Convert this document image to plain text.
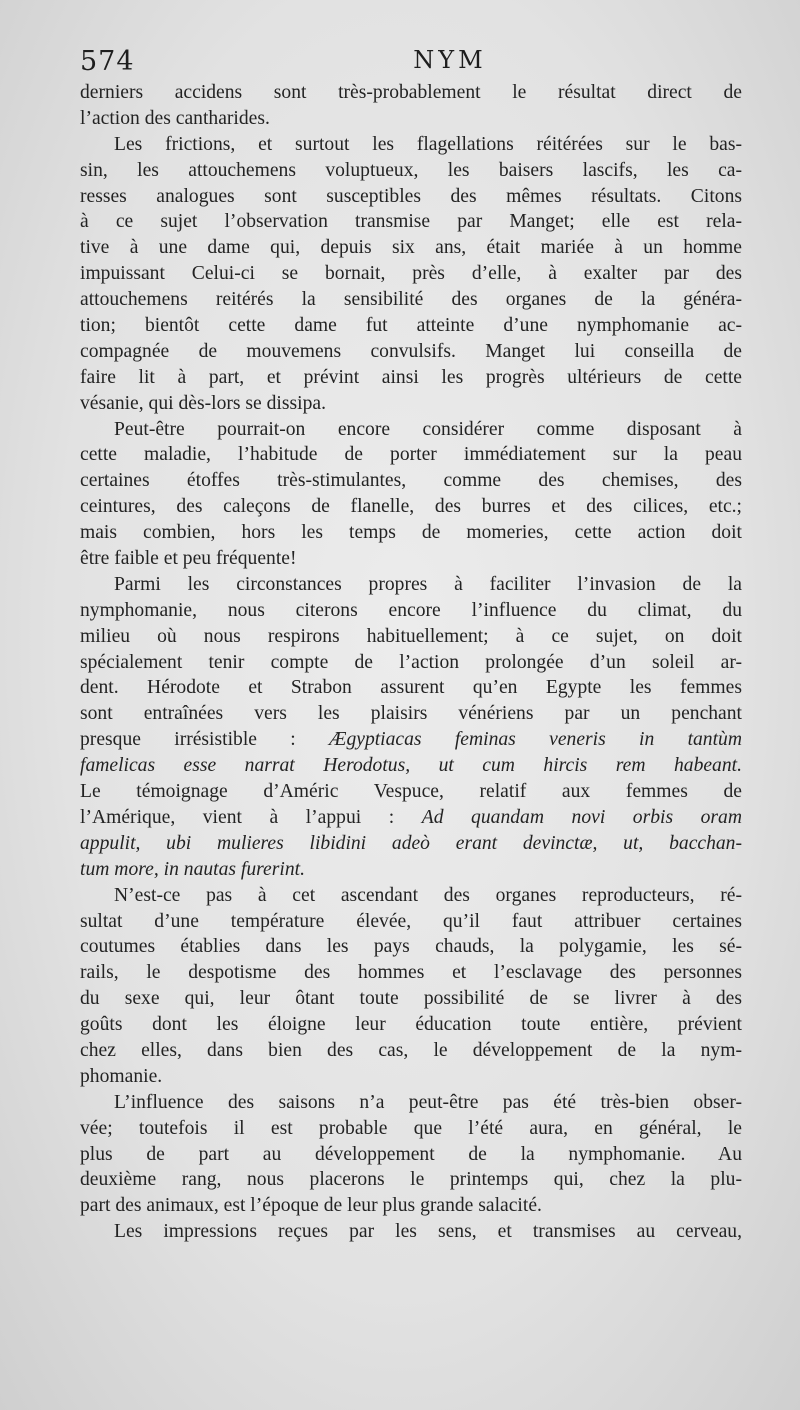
574	NYM
derniers accidens sont très-probablement le résultat direct de
l’action des cantharides.
Les frictions, et surtout les flagellations réitérées sur le bas-
sin, les attouchemens voluptueux, les baisers lascifs, les ca-
resses analogues sont susceptibles des mêmes résultats. Citons
à ce sujet l’observation transmise par Manget; elle est rela-
tive à une dame qui, depuis six ans, était mariée à un homme
impuissant Celui-ci se bornait, près d’elle, à exalter par des
attouchemens reitérés la sensibilité des organes de la généra-
tion; bientôt cette dame fut atteinte d’une nymphomanie ac-
compagnée de mouvemens convulsifs. Manget lui conseilla de
faire lit à part, et prévint ainsi les progrès ultérieurs de cette
vésanie, qui dès-lors se dissipa.
Peut-être pourrait-on encore considérer comme disposant à
cette maladie, l’habitude de porter immédiatement sur la peau
certaines étoffes très-stimulantes, comme des chemises, des
ceintures, des caleçons de flanelle, des burres et des cilices, etc.;
mais combien, hors les temps de momeries, cette action doit
être faible et peu fréquente!
Parmi les circonstances propres à faciliter l’invasion de la
nymphomanie, nous citerons encore l’influence du climat, du
milieu où nous respirons habituellement; à ce sujet, on doit
spécialement tenir compte de l’action prolongée d’un soleil ar-
dent. Hérodote et Strabon assurent qu’en Egypte les femmes
sont entraînées vers les plaisirs vénériens par un penchant
presque irrésistible : Ægyptiacas feminas veneris in tantùm
famelicas esse narrat Herodotus, ut cum hircis rem habeant.
Le témoignage d’Améric Vespuce, relatif aux femmes de
l’Amérique, vient à l’appui : Ad quandam novi orbis oram
appulit, ubi mulieres libidini adeò erant devinctæ, ut, bacchan-
tum more, in nautas furerint.
N’est-ce pas à cet ascendant des organes reproducteurs, ré-
sultat d’une température élevée, qu’il faut attribuer certaines
coutumes établies dans les pays chauds, la polygamie, les sé-
rails, le despotisme des hommes et l’esclavage des personnes
du sexe qui, leur ôtant toute possibilité de se livrer à des
goûts dont les éloigne leur éducation toute entière, prévient
chez elles, dans bien des cas, le développement de la nym-
phomanie.
L’influence des saisons n’a peut-être pas été très-bien obser-
vée; toutefois il est probable que l’été aura, en général, le
plus de part au développement de la nymphomanie. Au
deuxième rang, nous placerons le printemps qui, chez la plu-
part des animaux, est l’époque de leur plus grande salacité.
Les impressions reçues par les sens, et transmises au cerveau,
